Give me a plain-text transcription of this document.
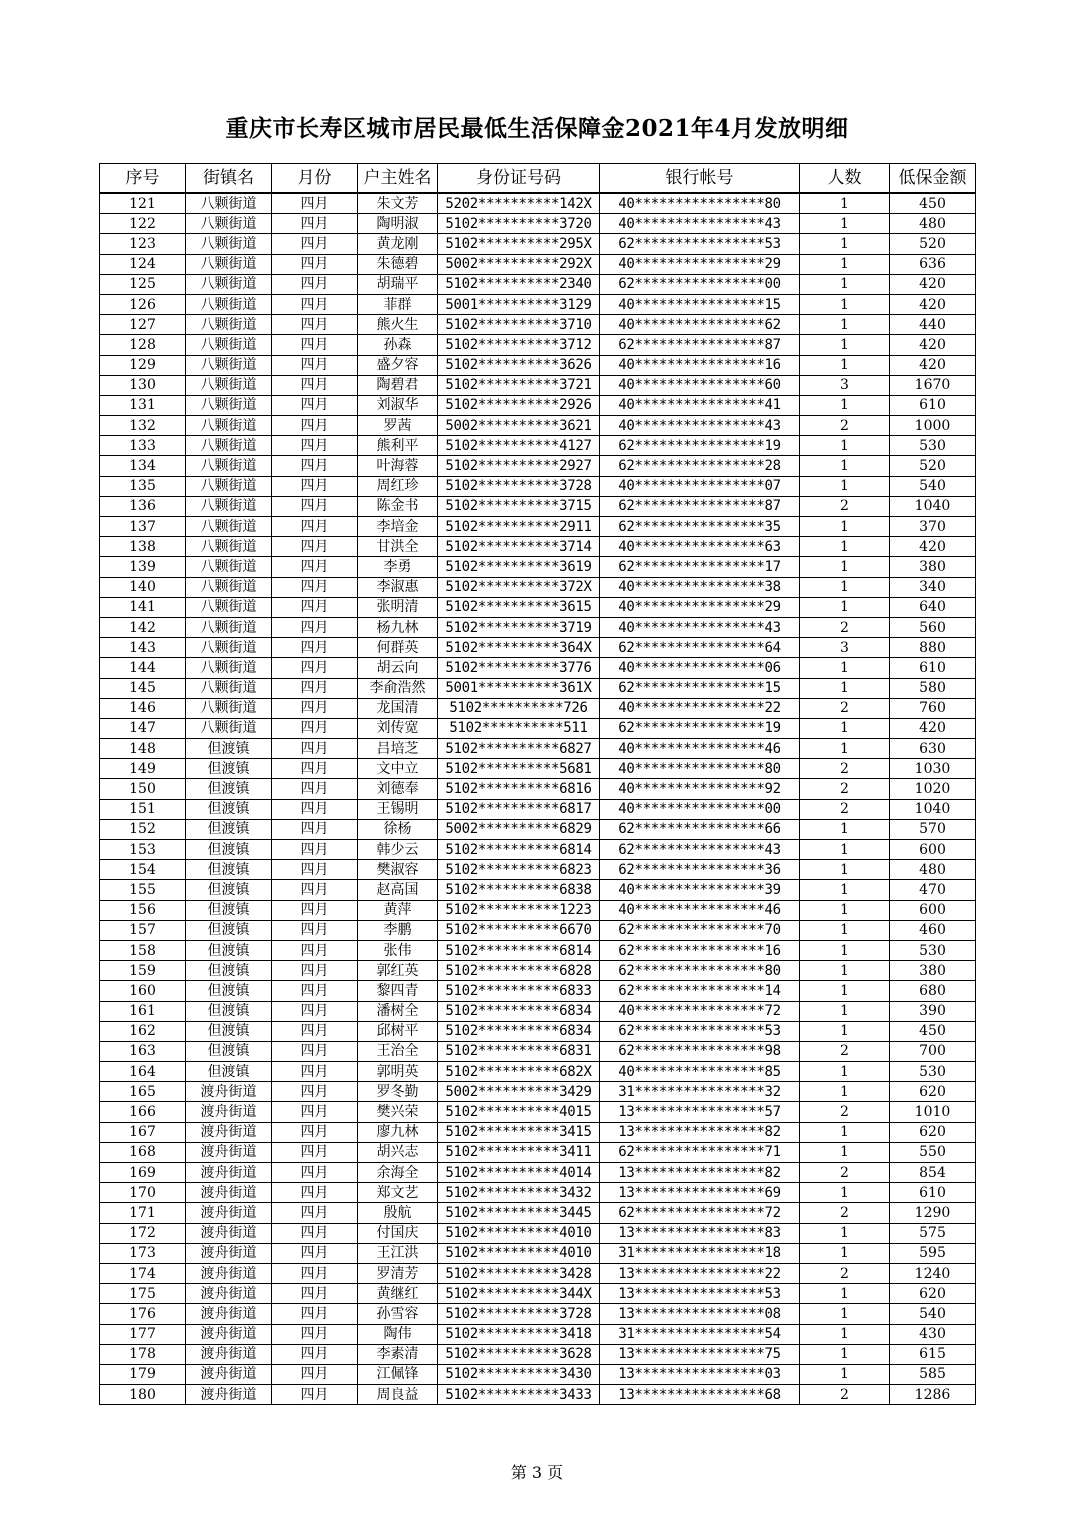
重庆市长寿区城市居民最低生活保障金2021年4月发放明细
序号	街镇名	月份	户主姓名	身份证号码	银行帐号	人数	低保金额
121	八颗街道	四月	朱文芳	5202**********142X	40****************80	1	450
122	八颗街道	四月	陶明淑	5102**********3720	40****************43	1	480
123	八颗街道	四月	黄龙刚	5102**********295X	62****************53	1	520
124	八颗街道	四月	朱德碧	5002**********292X	40****************29	1	636
125	八颗街道	四月	胡瑞平	5102**********2340	62****************00	1	420
126	八颗街道	四月	菲群	5001**********3129	40****************15	1	420
127	八颗街道	四月	熊火生	5102**********3710	40****************62	1	440
128	八颗街道	四月	孙森	5102**********3712	62****************87	1	420
129	八颗街道	四月	盛夕容	5102**********3626	40****************16	1	420
130	八颗街道	四月	陶碧君	5102**********3721	40****************60	3	1670
131	八颗街道	四月	刘淑华	5102**********2926	40****************41	1	610
132	八颗街道	四月	罗茜	5002**********3621	40****************43	2	1000
133	八颗街道	四月	熊利平	5102**********4127	62****************19	1	530
134	八颗街道	四月	叶海蓉	5102**********2927	62****************28	1	520
135	八颗街道	四月	周红珍	5102**********3728	40****************07	1	540
136	八颗街道	四月	陈金书	5102**********3715	62****************87	2	1040
137	八颗街道	四月	李培金	5102**********2911	62****************35	1	370
138	八颗街道	四月	甘洪全	5102**********3714	40****************63	1	420
139	八颗街道	四月	李勇	5102**********3619	62****************17	1	380
140	八颗街道	四月	李淑惠	5102**********372X	40****************38	1	340
141	八颗街道	四月	张明清	5102**********3615	40****************29	1	640
142	八颗街道	四月	杨九林	5102**********3719	40****************43	2	560
143	八颗街道	四月	何群英	5102**********364X	62****************64	3	880
144	八颗街道	四月	胡云向	5102**********3776	40****************06	1	610
145	八颗街道	四月	李俞浩然	5001**********361X	62****************15	1	580
146	八颗街道	四月	龙国清	5102**********726	40****************22	2	760
147	八颗街道	四月	刘传宽	5102**********511	62****************19	1	420
148	但渡镇	四月	吕培芝	5102**********6827	40****************46	1	630
149	但渡镇	四月	文中立	5102**********5681	40****************80	2	1030
150	但渡镇	四月	刘德奉	5102**********6816	40****************92	2	1020
151	但渡镇	四月	王锡明	5102**********6817	40****************00	2	1040
152	但渡镇	四月	徐杨	5002**********6829	62****************66	1	570
153	但渡镇	四月	韩少云	5102**********6814	62****************43	1	600
154	但渡镇	四月	樊淑容	5102**********6823	62****************36	1	480
155	但渡镇	四月	赵高国	5102**********6838	40****************39	1	470
156	但渡镇	四月	黄萍	5102**********1223	40****************46	1	600
157	但渡镇	四月	李鹏	5102**********6670	62****************70	1	460
158	但渡镇	四月	张伟	5102**********6814	62****************16	1	530
159	但渡镇	四月	郭红英	5102**********6828	62****************80	1	380
160	但渡镇	四月	黎四青	5102**********6833	62****************14	1	680
161	但渡镇	四月	潘树全	5102**********6834	40****************72	1	390
162	但渡镇	四月	邱树平	5102**********6834	62****************53	1	450
163	但渡镇	四月	王治全	5102**********6831	62****************98	2	700
164	但渡镇	四月	郭明英	5102**********682X	40****************85	1	530
165	渡舟街道	四月	罗冬勤	5002**********3429	31****************32	1	620
166	渡舟街道	四月	樊兴荣	5102**********4015	13****************57	2	1010
167	渡舟街道	四月	廖九林	5102**********3415	13****************82	1	620
168	渡舟街道	四月	胡兴志	5102**********3411	62****************71	1	550
169	渡舟街道	四月	余海全	5102**********4014	13****************82	2	854
170	渡舟街道	四月	郑文艺	5102**********3432	13****************69	1	610
171	渡舟街道	四月	殷航	5102**********3445	62****************72	2	1290
172	渡舟街道	四月	付国庆	5102**********4010	13****************83	1	575
173	渡舟街道	四月	王江洪	5102**********4010	31****************18	1	595
174	渡舟街道	四月	罗清芳	5102**********3428	13****************22	2	1240
175	渡舟街道	四月	黄继红	5102**********344X	13****************53	1	620
176	渡舟街道	四月	孙雪容	5102**********3728	13****************08	1	540
177	渡舟街道	四月	陶伟	5102**********3418	31****************54	1	430
178	渡舟街道	四月	李素清	5102**********3628	13****************75	1	615
179	渡舟街道	四月	江佩锋	5102**********3430	13****************03	1	585
180	渡舟街道	四月	周良益	5102**********3433	13****************68	2	1286
第 3 页
